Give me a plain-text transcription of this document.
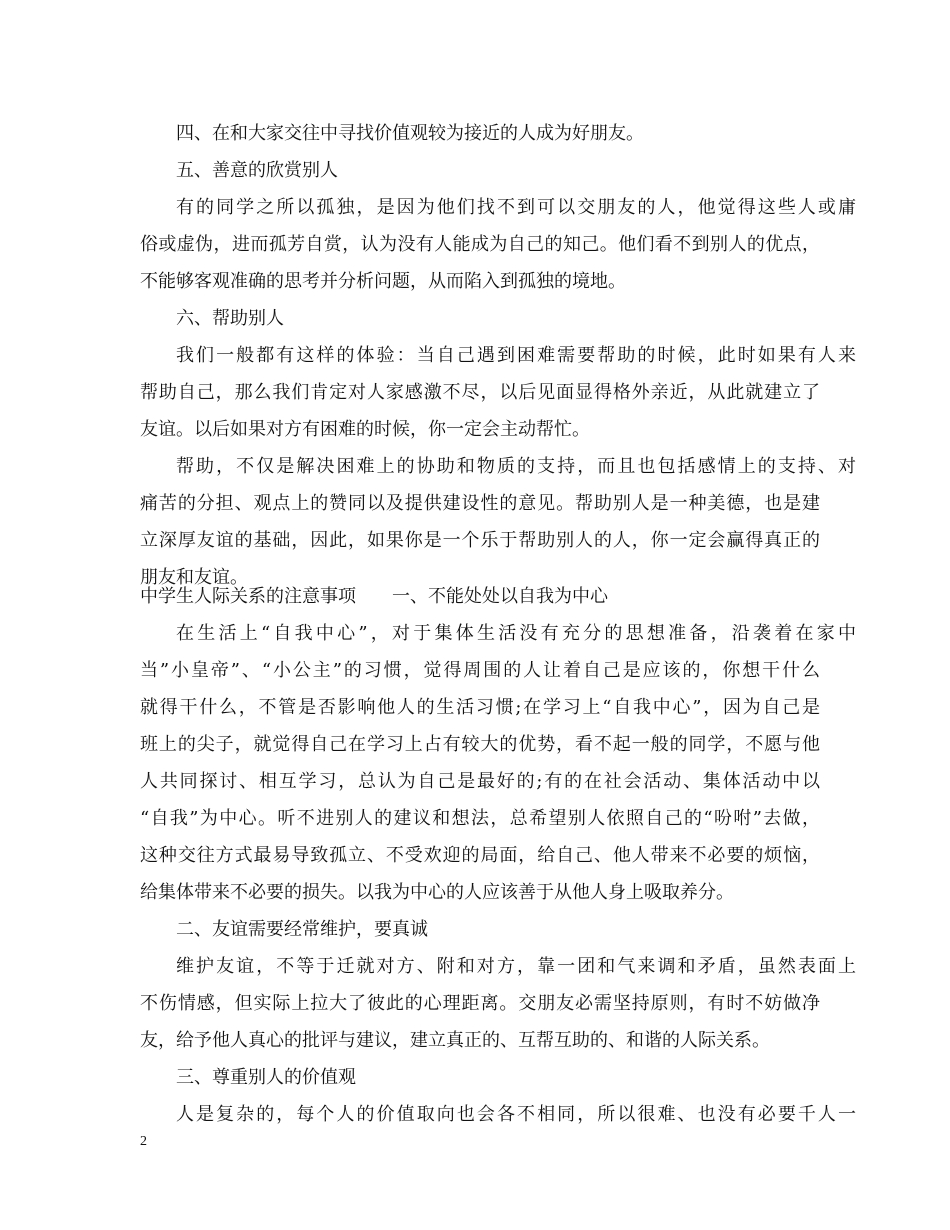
四、在和大家交往中寻找价值观较为接近的人成为好朋友。
五、善意的欣赏别人
有的同学之所以孤独，是因为他们找不到可以交朋友的人，他觉得这些人或庸
俗或虚伪，进而孤芳自赏，认为没有人能成为自己的知己。他们看不到别人的优点，
不能够客观准确的思考并分析问题，从而陷入到孤独的境地。
六、帮助别人
我们一般都有这样的体验：当自己遇到困难需要帮助的时候，此时如果有人来
帮助自己，那么我们肯定对人家感激不尽，以后见面显得格外亲近，从此就建立了
友谊。以后如果对方有困难的时候，你一定会主动帮忙。
帮助，不仅是解决困难上的协助和物质的支持，而且也包括感情上的支持、对
痛苦的分担、观点上的赞同以及提供建设性的意见。帮助别人是一种美德，也是建
立深厚友谊的基础，因此，如果你是一个乐于帮助别人的人，你一定会赢得真正的
朋友和友谊。
中学生人际关系的注意事项　　一、不能处处以自我为中心
在生活上“自我中心”，对于集体生活没有充分的思想准备，沿袭着在家中
当”小皇帝”、“小公主”的习惯，觉得周围的人让着自己是应该的，你想干什么
就得干什么，不管是否影响他人的生活习惯;在学习上“自我中心”，因为自己是
班上的尖子，就觉得自己在学习上占有较大的优势，看不起一般的同学，不愿与他
人共同探讨、相互学习，总认为自己是最好的;有的在社会活动、集体活动中以
“自我”为中心。听不进别人的建议和想法，总希望别人依照自己的“吩咐”去做，
这种交往方式最易导致孤立、不受欢迎的局面，给自己、他人带来不必要的烦恼，
给集体带来不必要的损失。以我为中心的人应该善于从他人身上吸取养分。
二、友谊需要经常维护，要真诚
维护友谊，不等于迁就对方、附和对方，靠一团和气来调和矛盾，虽然表面上
不伤情感，但实际上拉大了彼此的心理距离。交朋友必需坚持原则，有时不妨做净
友，给予他人真心的批评与建议，建立真正的、互帮互助的、和谐的人际关系。
三、尊重别人的价值观
人是复杂的，每个人的价值取向也会各不相同，所以很难、也没有必要千人一
2
